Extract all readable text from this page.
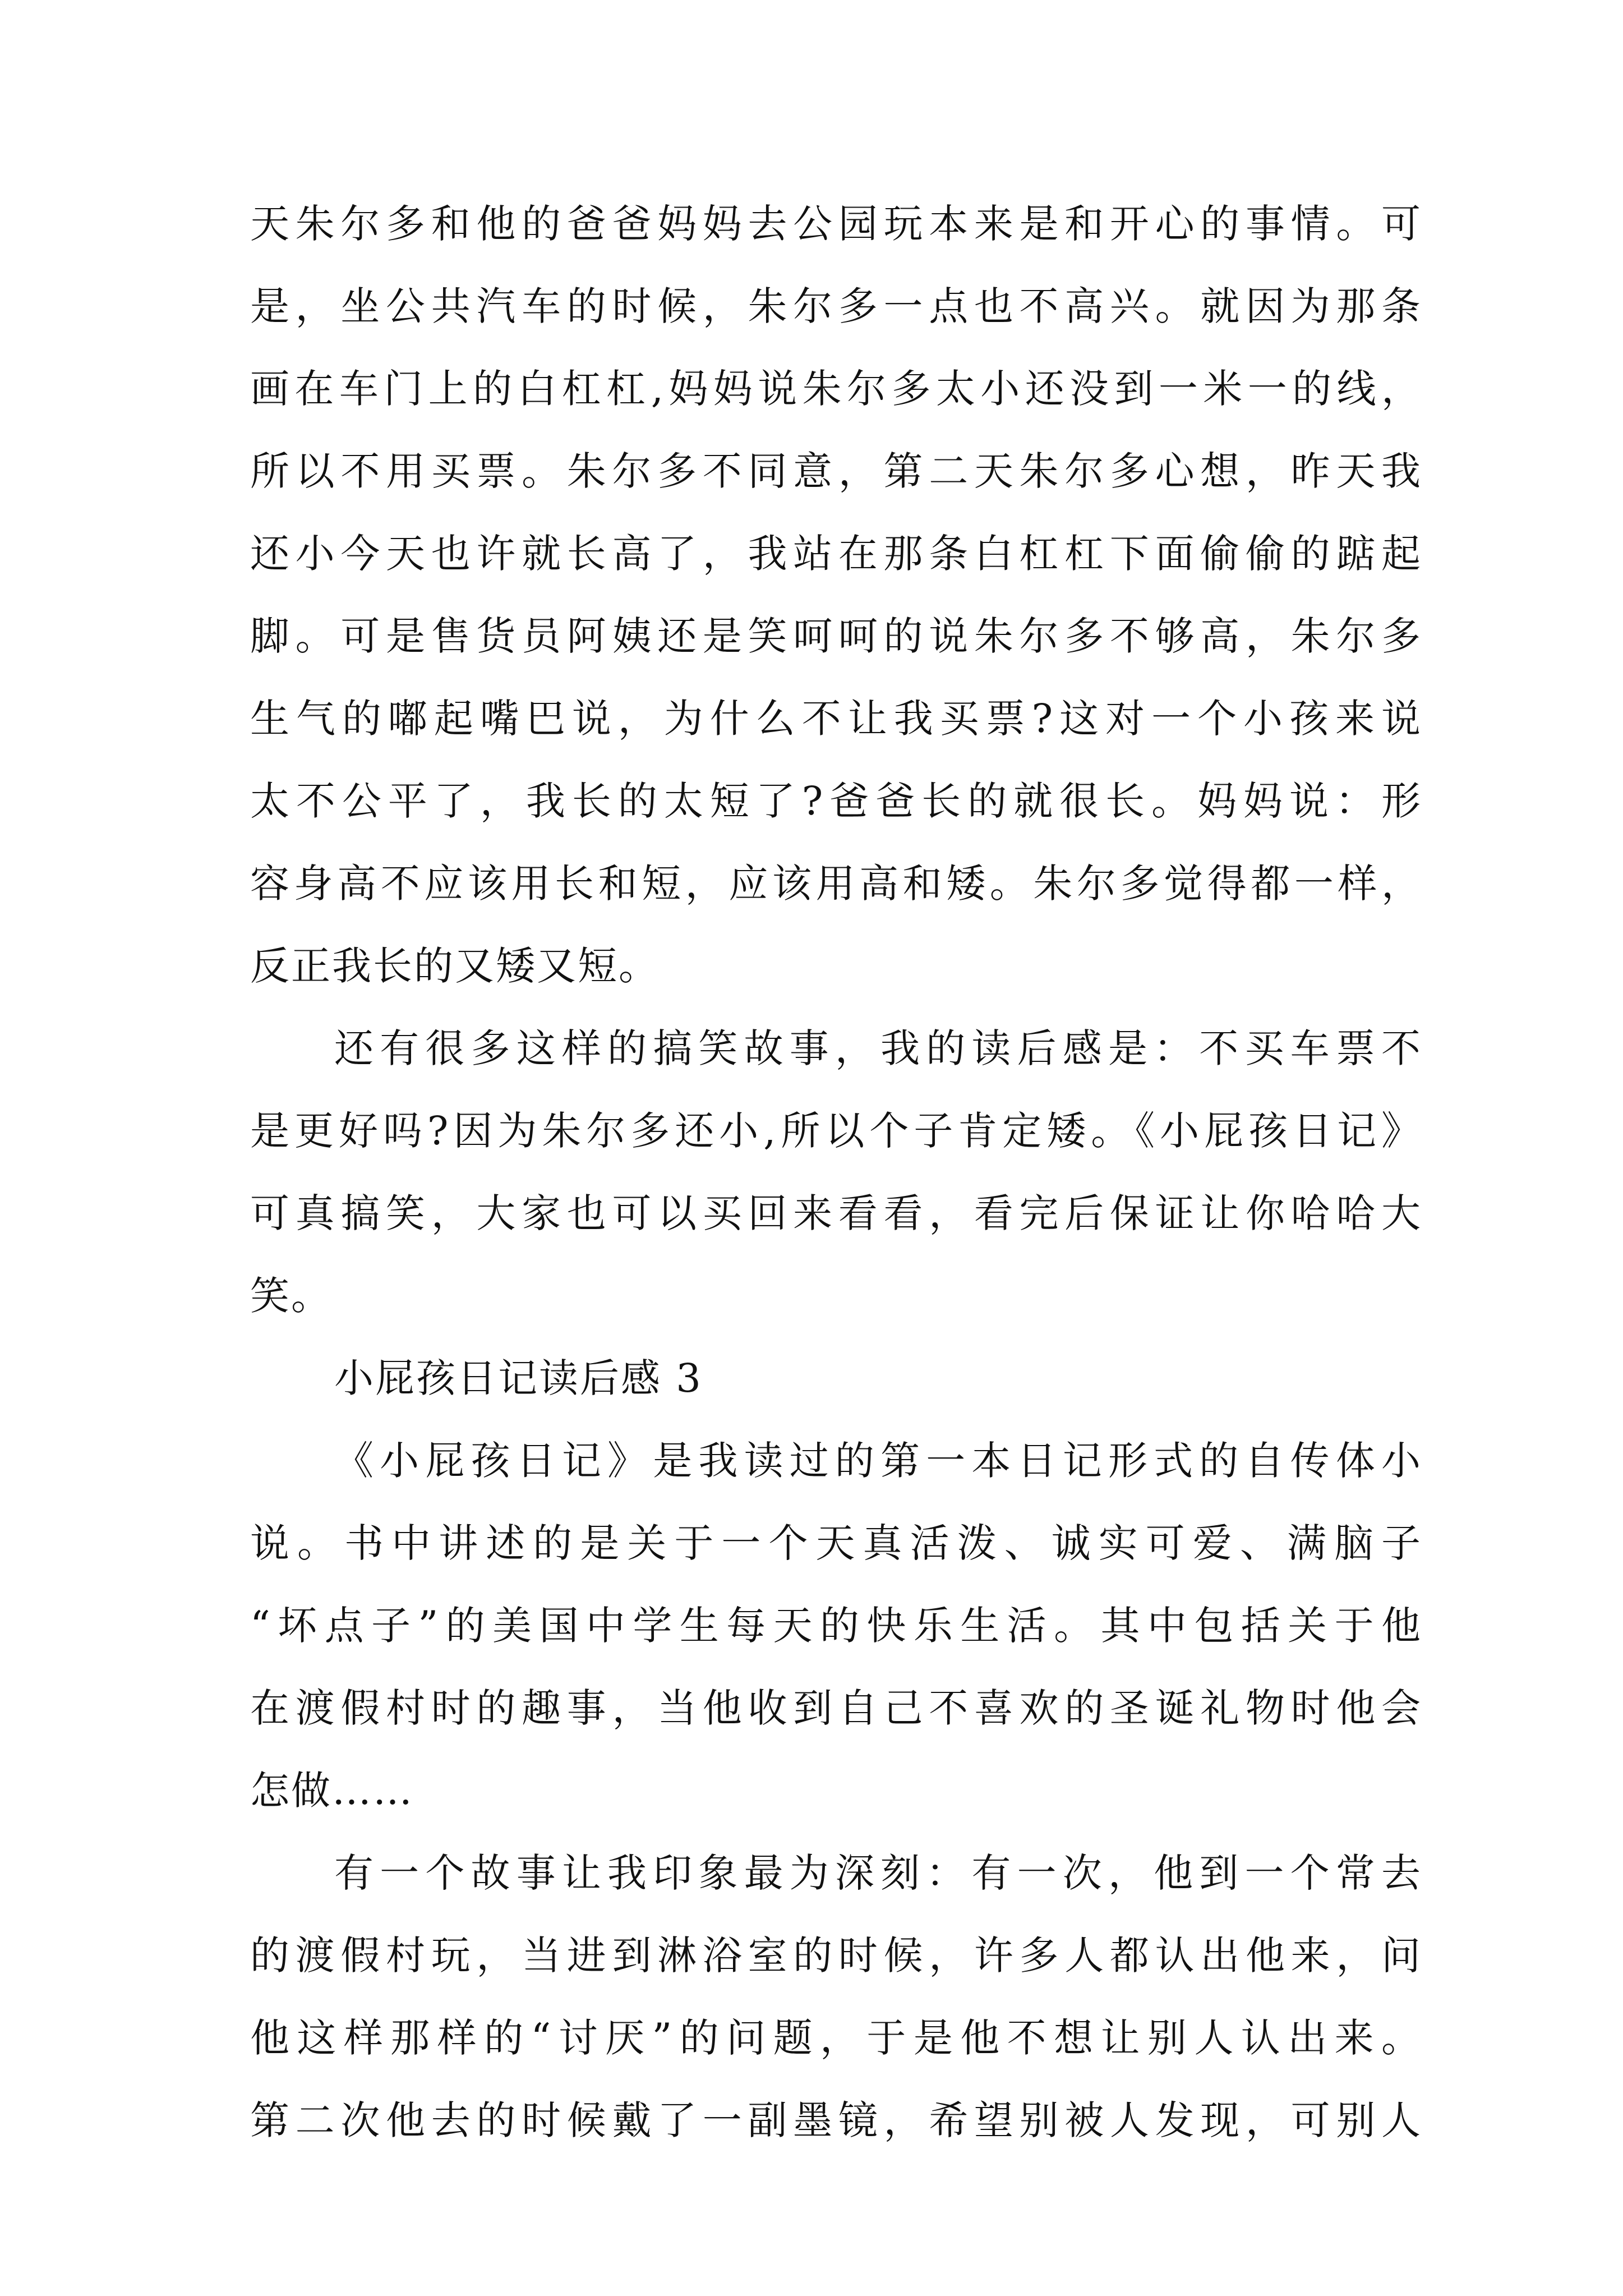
天朱尔多和他的爸爸妈妈去公园玩本来是和开心的事情。可
是，坐公共汽车的时候，朱尔多一点也不高兴。就因为那条
画在车门上的白杠杠,妈妈说朱尔多太小还没到一米一的线，
所以不用买票。朱尔多不同意，第二天朱尔多心想，昨天我
还小今天也许就长高了，我站在那条白杠杠下面偷偷的踮起
脚。可是售货员阿姨还是笑呵呵的说朱尔多不够高，朱尔多
生气的嘟起嘴巴说，为什么不让我买票?这对一个小孩来说
太不公平了，我长的太短了?爸爸长的就很长。妈妈说：形
容身高不应该用长和短，应该用高和矮。朱尔多觉得都一样，
反正我长的又矮又短。
还有很多这样的搞笑故事，我的读后感是：不买车票不
是更好吗?因为朱尔多还小,所以个子肯定矮。《小屁孩日记》
可真搞笑，大家也可以买回来看看，看完后保证让你哈哈大
笑。
小屁孩日记读后感 3
《小屁孩日记》是我读过的第一本日记形式的自传体小
说。书中讲述的是关于一个天真活泼、诚实可爱、满脑子
“坏点子”的美国中学生每天的快乐生活。其中包括关于他
在渡假村时的趣事，当他收到自己不喜欢的圣诞礼物时他会
怎做……
有一个故事让我印象最为深刻：有一次，他到一个常去
的渡假村玩，当进到淋浴室的时候，许多人都认出他来，问
他这样那样的“讨厌”的问题，于是他不想让别人认出来。
第二次他去的时候戴了一副墨镜，希望别被人发现，可别人
